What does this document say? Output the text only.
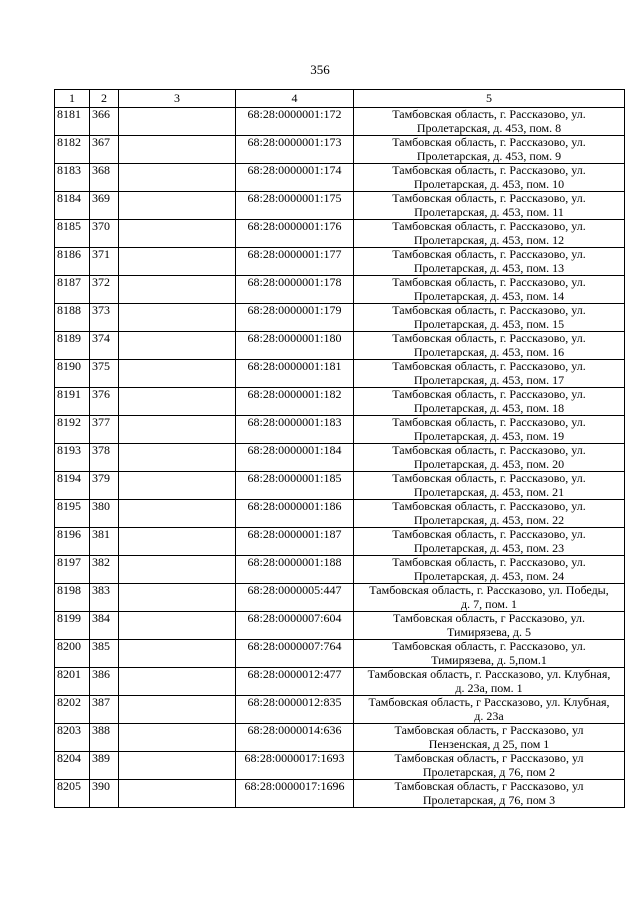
356
1	2	3	4	5
8181	366		68:28:0000001:172	Тамбовская область, г. Рассказово, ул.
Пролетарская, д. 453, пом. 8

8182	367		68:28:0000001:173	Тамбовская область, г. Рассказово, ул.
Пролетарская, д. 453, пом. 9

8183	368		68:28:0000001:174	Тамбовская область, г. Рассказово, ул.
Пролетарская, д. 453, пом. 10

8184	369		68:28:0000001:175	Тамбовская область, г. Рассказово, ул.
Пролетарская, д. 453, пом. 11

8185	370		68:28:0000001:176	Тамбовская область, г. Рассказово, ул.
Пролетарская, д. 453, пом. 12

8186	371		68:28:0000001:177	Тамбовская область, г. Рассказово, ул.
Пролетарская, д. 453, пом. 13

8187	372		68:28:0000001:178	Тамбовская область, г. Рассказово, ул.
Пролетарская, д. 453, пом. 14

8188	373		68:28:0000001:179	Тамбовская область, г. Рассказово, ул.
Пролетарская, д. 453, пом. 15

8189	374		68:28:0000001:180	Тамбовская область, г. Рассказово, ул.
Пролетарская, д. 453, пом. 16

8190	375		68:28:0000001:181	Тамбовская область, г. Рассказово, ул.
Пролетарская, д. 453, пом. 17

8191	376		68:28:0000001:182	Тамбовская область, г. Рассказово, ул.
Пролетарская, д. 453, пом. 18

8192	377		68:28:0000001:183	Тамбовская область, г. Рассказово, ул.
Пролетарская, д. 453, пом. 19

8193	378		68:28:0000001:184	Тамбовская область, г. Рассказово, ул.
Пролетарская, д. 453, пом. 20

8194	379		68:28:0000001:185	Тамбовская область, г. Рассказово, ул.
Пролетарская, д. 453, пом. 21

8195	380		68:28:0000001:186	Тамбовская область, г. Рассказово, ул.
Пролетарская, д. 453, пом. 22

8196	381		68:28:0000001:187	Тамбовская область, г. Рассказово, ул.
Пролетарская, д. 453, пом. 23

8197	382		68:28:0000001:188	Тамбовская область, г. Рассказово, ул.
Пролетарская, д. 453, пом. 24

8198	383		68:28:0000005:447	Тамбовская область, г. Рассказово, ул. Победы,
д. 7, пом. 1

8199	384		68:28:0000007:604	Тамбовская область, г Рассказово, ул.
Тимирязева, д. 5

8200	385		68:28:0000007:764	Тамбовская область, г. Рассказово, ул.
Тимирязева, д. 5,пом.1

8201	386		68:28:0000012:477	Тамбовская область, г. Рассказово, ул. Клубная,
д. 23а, пом. 1

8202	387		68:28:0000012:835	Тамбовская область, г Рассказово, ул. Клубная,
д. 23а

8203	388		68:28:0000014:636	Тамбовская область, г Рассказово, ул
Пензенская, д 25, пом 1

8204	389		68:28:0000017:1693	Тамбовская область, г Рассказово, ул
Пролетарская, д 76, пом 2

8205	390		68:28:0000017:1696	Тамбовская область, г Рассказово, ул
Пролетарская, д 76, пом 3
